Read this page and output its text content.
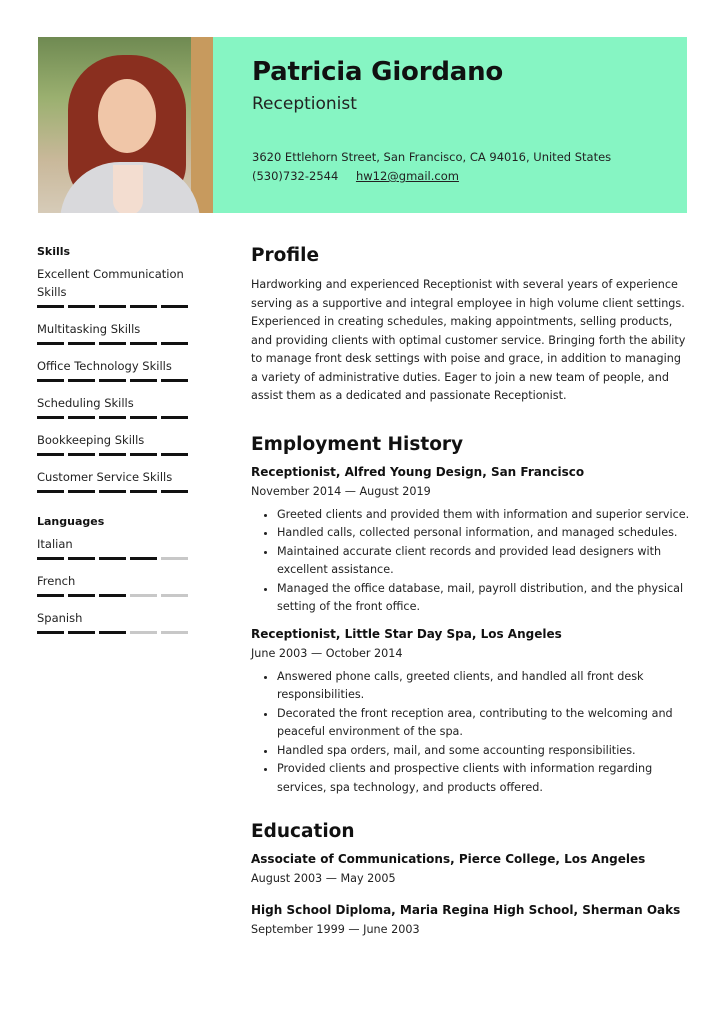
Patricia Giordano
Receptionist
3620 Ettlehorn Street, San Francisco, CA 94016, United States
(530)732-2544 hw12@gmail.com
Skills
Excellent Communication Skills
Multitasking Skills
Office Technology Skills
Scheduling Skills
Bookkeeping Skills
Customer Service Skills
Languages
Italian
French
Spanish
Profile

Hardworking and experienced Receptionist with several years of experience serving as a supportive and integral employee in high volume client settings. Experienced in creating schedules, making appointments, selling products, and providing clients with optimal customer service. Bringing forth the ability to manage front desk settings with poise and grace, in addition to managing a variety of administrative duties. Eager to join a new team of people, and assist them as a dedicated and passionate Receptionist.

Employment History
Receptionist, Alfred Young Design, San Francisco
November 2014 — August 2019
• Greeted clients and provided them with information and superior service.
• Handled calls, collected personal information, and managed schedules.
• Maintained accurate client records and provided lead designers with excellent assistance.
• Managed the office database, mail, payroll distribution, and the physical setting of the front office.
Receptionist, Little Star Day Spa, Los Angeles
June 2003 — October 2014
• Answered phone calls, greeted clients, and handled all front desk responsibilities.
• Decorated the front reception area, contributing to the welcoming and peaceful environment of the spa.
• Handled spa orders, mail, and some accounting responsibilities.
• Provided clients and prospective clients with information regarding services, spa technology, and products offered.
Education
Associate of Communications, Pierce College, Los Angeles
August 2003 — May 2005
High School Diploma, Maria Regina High School, Sherman Oaks
September 1999 — June 2003
